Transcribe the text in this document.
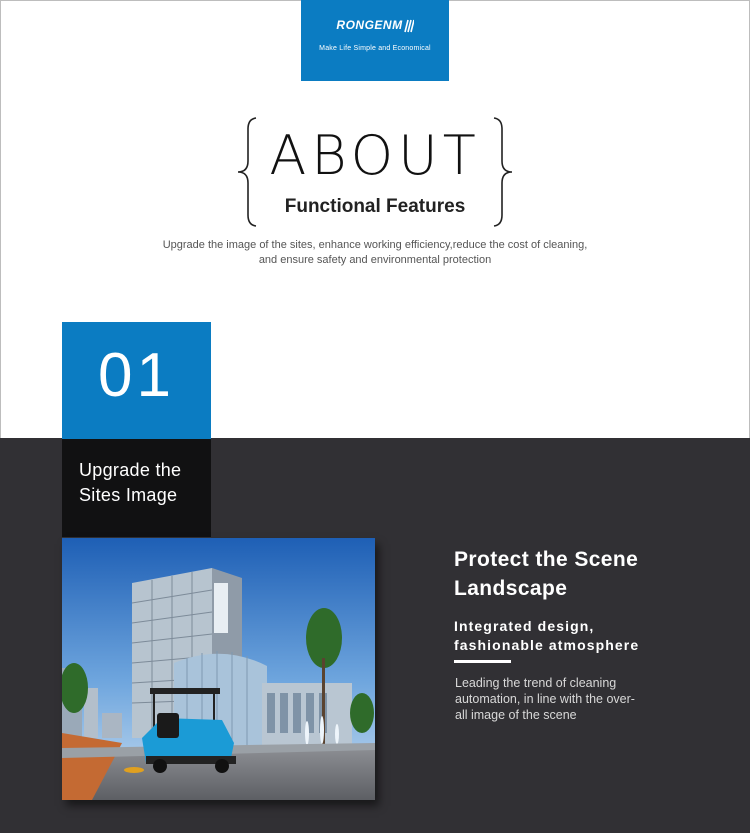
RONGENM
Make Life Simple and Economical
ABOUT
Functional Features
Upgrade the image of the sites, enhance working efficiency,reduce the cost of cleaning,
and ensure safety and environmental protection
01
Upgrade the
Sites Image
Protect the Scene
Landscape
Integrated design,
fashionable atmosphere
Leading the trend of cleaning
automation, in line with the over-
all image of the scene
